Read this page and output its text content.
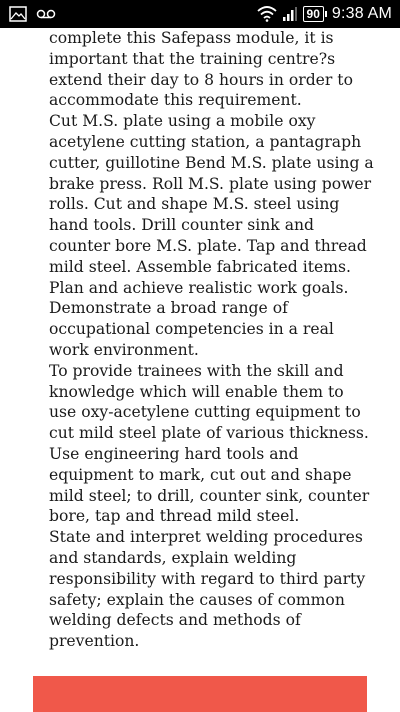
90 9:38 AM

complete this Safepass module, it is
important that the training centre?s
extend their day to 8 hours in order to
accommodate this requirement.

Cut M.S. plate using a mobile oxy
acetylene cutting station, a pantagraph
cutter, guillotine Bend M.S. plate using a
brake press. Roll M.S. plate using power
rolls. Cut and shape M.S. steel using
hand tools. Drill counter sink and
counter bore M.S. plate. Tap and thread
mild steel. Assemble fabricated items.
Plan and achieve realistic work goals.
Demonstrate a broad range of
occupational competencies in a real
work environment.

To provide trainees with the skill and
knowledge which will enable them to
use oxy-acetylene cutting equipment to
cut mild steel plate of various thickness.
Use engineering hard tools and
equipment to mark, cut out and shape
mild steel; to drill, counter sink, counter
bore, tap and thread mild steel.

State and interpret welding procedures
and standards, explain welding
responsibility with regard to third party
safety; explain the causes of common
welding defects and methods of
prevention.
